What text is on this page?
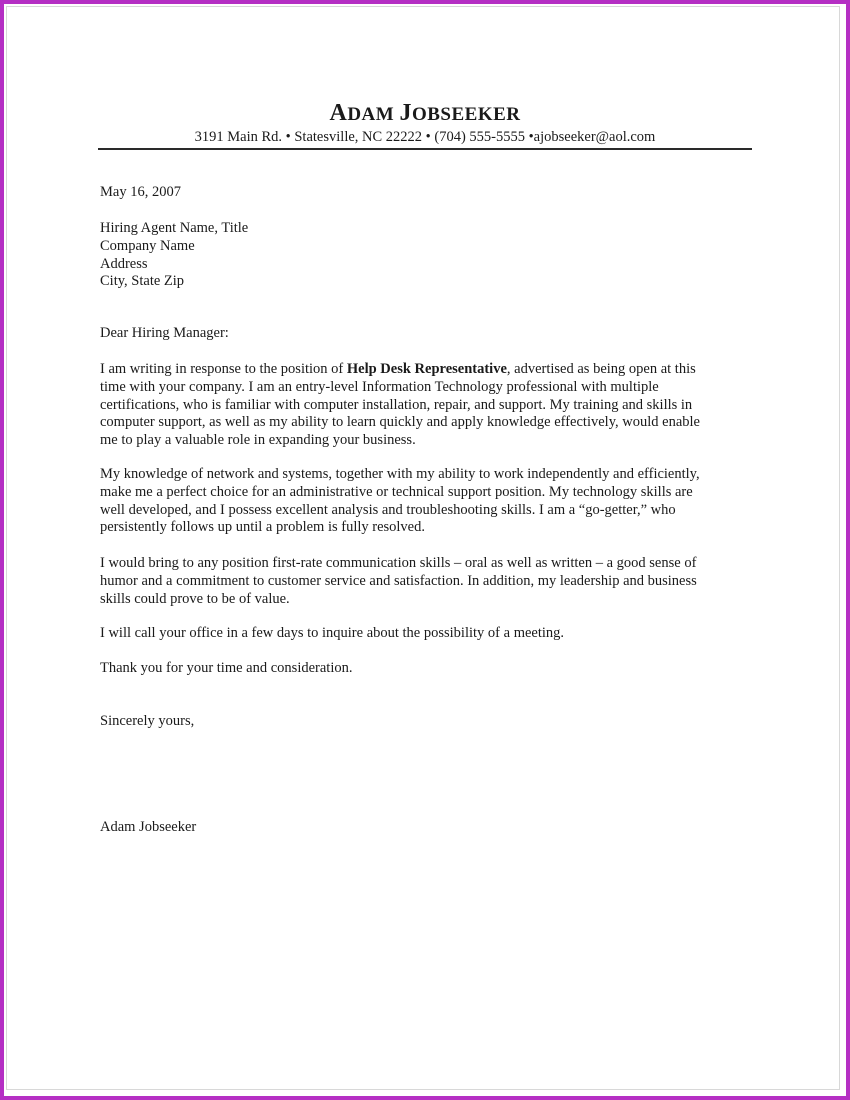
ADAM JOBSEEKER
3191 Main Rd. • Statesville, NC 22222 • (704) 555-5555 •ajobseeker@aol.com

May 16, 2007

Hiring Agent Name, Title

Company Name

Address

City, State Zip

Dear Hiring Manager:

I am writing in response to the position of Help Desk Representative, advertised as being open at this

time with your company. I am an entry-level Information Technology professional with multiple

certifications, who is familiar with computer installation, repair, and support. My training and skills in

computer support, as well as my ability to learn quickly and apply knowledge effectively, would enable

me to play a valuable role in expanding your business.

My knowledge of network and systems, together with my ability to work independently and efficiently,

make me a perfect choice for an administrative or technical support position. My technology skills are

well developed, and I possess excellent analysis and troubleshooting skills. I am a “go-getter,” who

persistently follows up until a problem is fully resolved.

I would bring to any position first-rate communication skills – oral as well as written – a good sense of

humor and a commitment to customer service and satisfaction. In addition, my leadership and business

skills could prove to be of value.

I will call your office in a few days to inquire about the possibility of a meeting.

Thank you for your time and consideration.

Sincerely yours,

Adam Jobseeker
